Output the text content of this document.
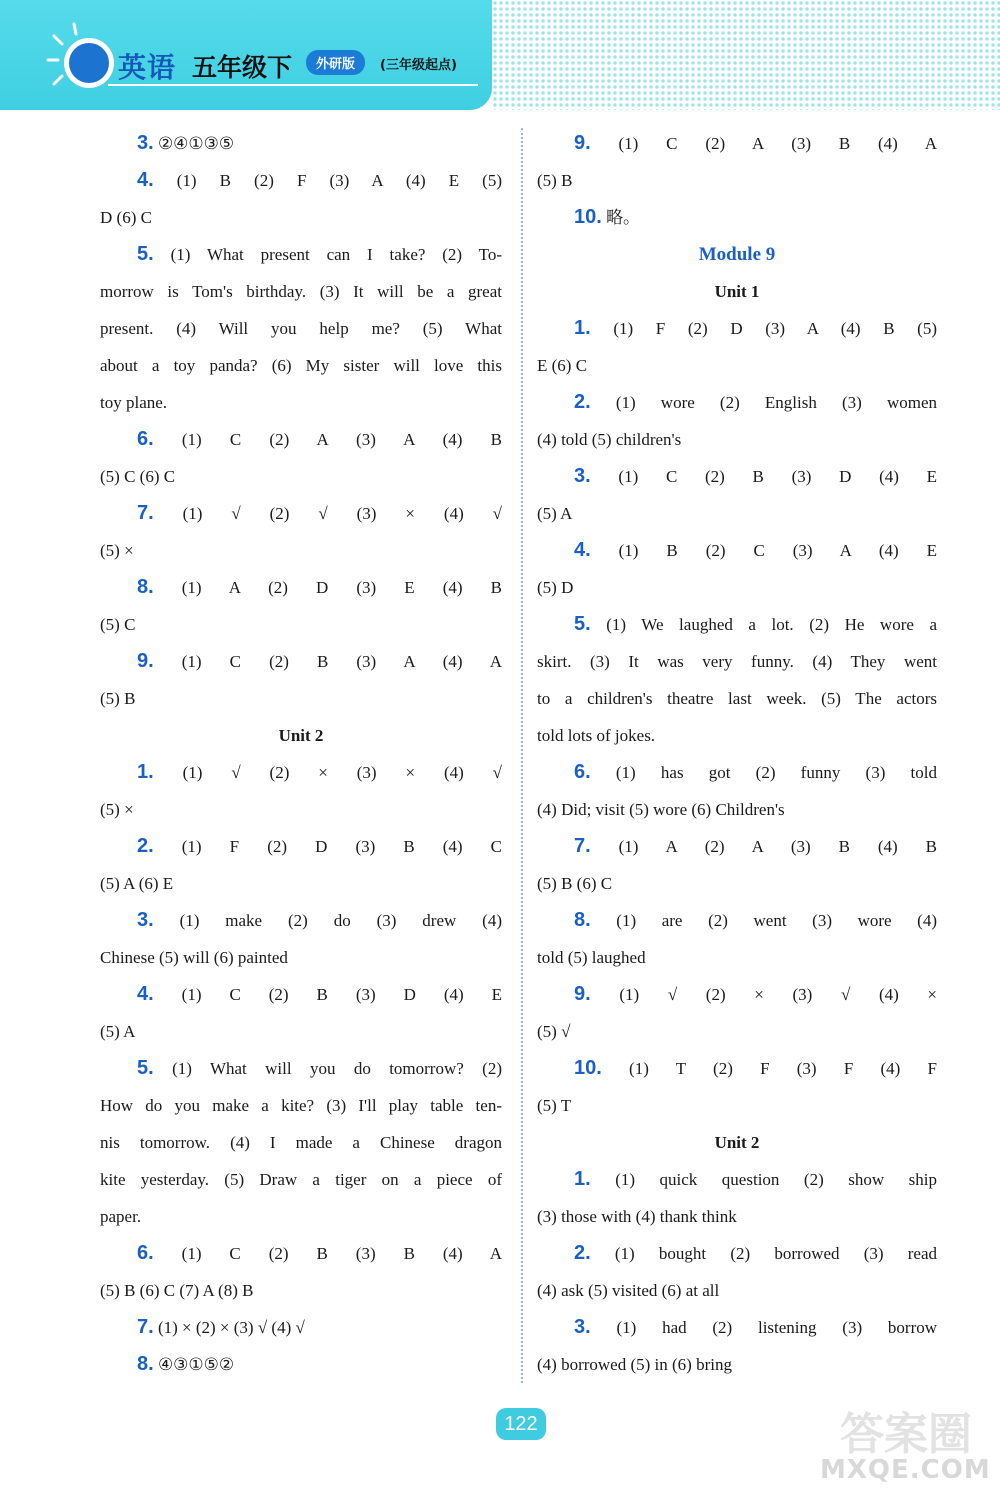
英语 五年级下	外研版	(三年级起点)
3. ②④①③⑤
4. (1) B (2) F (3) A (4) E (5)
D (6) C
5. (1) What present can I take? (2) To-
morrow is Tom's birthday. (3) It will be a great
present. (4) Will you help me? (5) What
about a toy panda? (6) My sister will love this
toy plane.
6. (1) C (2) A (3) A (4) B
(5) C (6) C
7. (1) √ (2) √ (3) × (4) √
(5) ×
8. (1) A (2) D (3) E (4) B
(5) C
9. (1) C (2) B (3) A (4) A
(5) B
Unit 2
1. (1) √ (2) × (3) × (4) √
(5) ×
2. (1) F (2) D (3) B (4) C
(5) A (6) E
3. (1) make (2) do (3) drew (4)
Chinese (5) will (6) painted
4. (1) C (2) B (3) D (4) E
(5) A
5. (1) What will you do tomorrow? (2)
How do you make a kite? (3) I'll play table ten-
nis tomorrow. (4) I made a Chinese dragon
kite yesterday. (5) Draw a tiger on a piece of
paper.
6. (1) C (2) B (3) B (4) A
(5) B (6) C (7) A (8) B
7. (1) × (2) × (3) √ (4) √
8. ④③①⑤②
9. (1) C (2) A (3) B (4) A
(5) B
10. 略。
Module 9
Unit 1
1. (1) F (2) D (3) A (4) B (5)
E (6) C
2. (1) wore (2) English (3) women
(4) told (5) children's
3. (1) C (2) B (3) D (4) E
(5) A
4. (1) B (2) C (3) A (4) E
(5) D
5. (1) We laughed a lot. (2) He wore a
skirt. (3) It was very funny. (4) They went
to a children's theatre last week. (5) The actors
told lots of jokes.
6. (1) has got (2) funny (3) told
(4) Did; visit (5) wore (6) Children's
7. (1) A (2) A (3) B (4) B
(5) B (6) C
8. (1) are (2) went (3) wore (4)
told (5) laughed
9. (1) √ (2) × (3) √ (4) ×
(5) √
10. (1) T (2) F (3) F (4) F
(5) T
Unit 2
1. (1) quick question (2) show ship
(3) those with (4) thank think
2. (1) bought (2) borrowed (3) read
(4) ask (5) visited (6) at all
3. (1) had (2) listening (3) borrow
(4) borrowed (5) in (6) bring
122	答案圈
MXQE.COM
